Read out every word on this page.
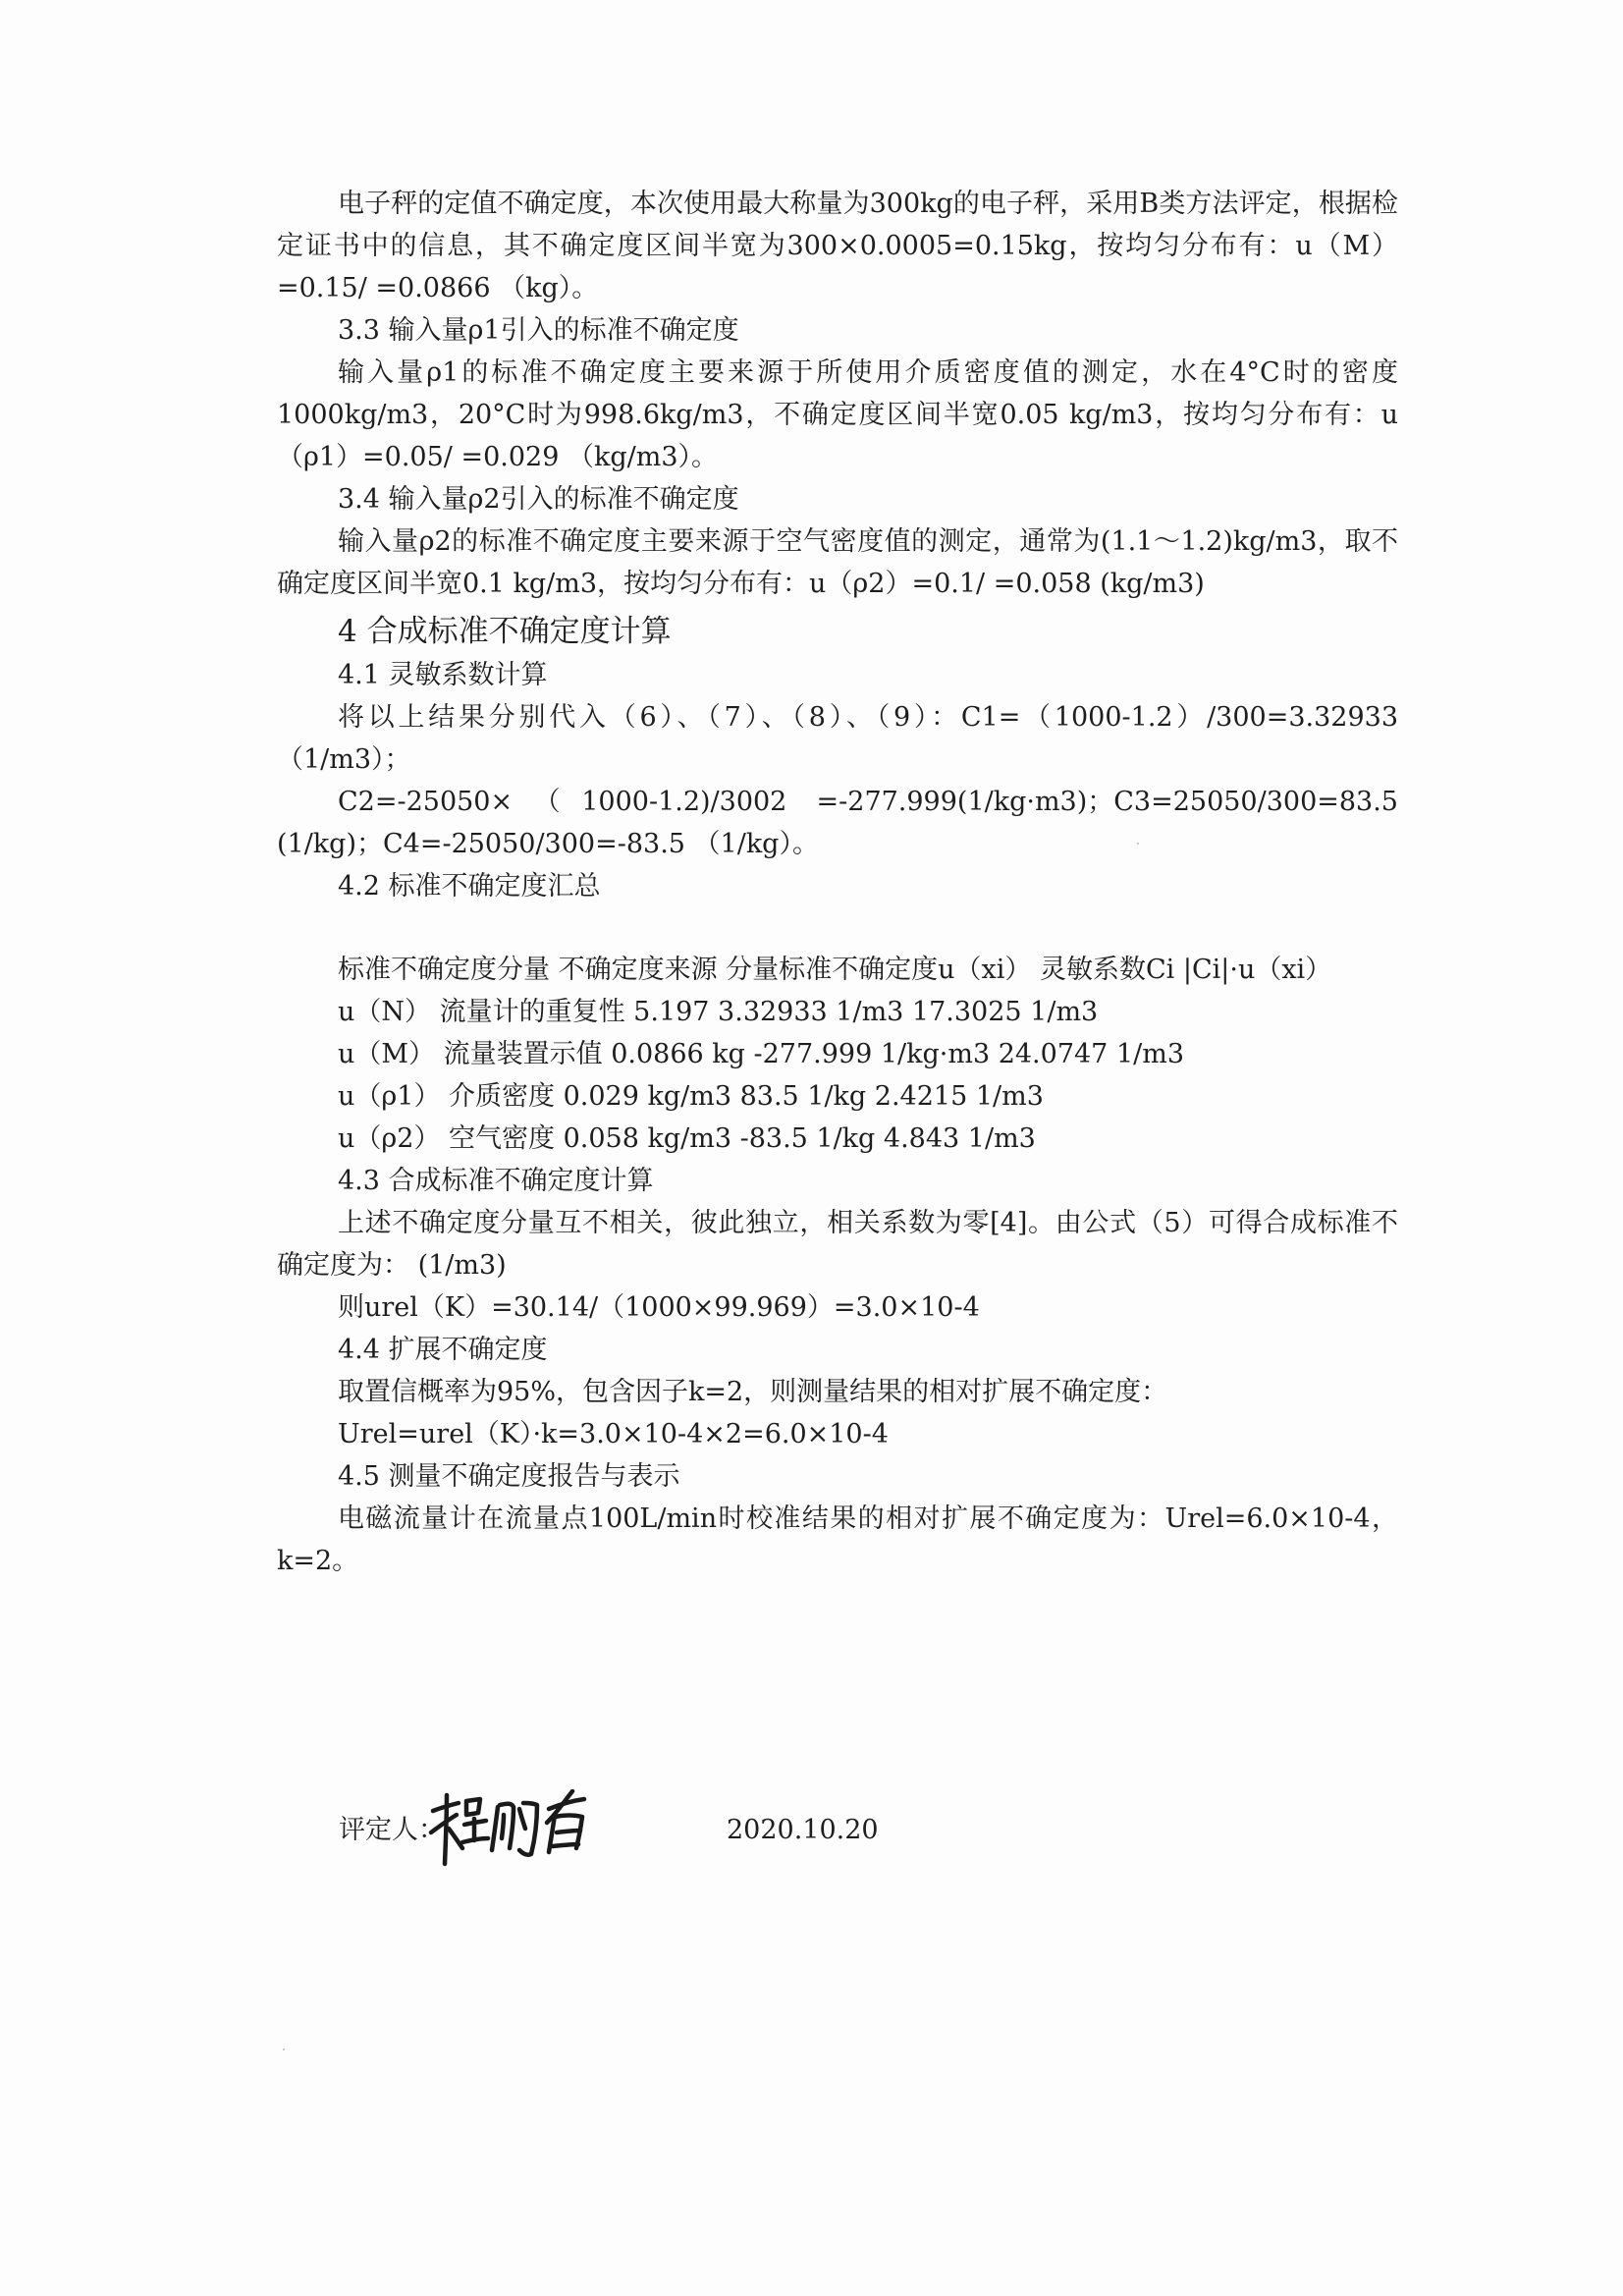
电子秤的定值不确定度，本次使用最大称量为300kg的电子秤，采用B类方法评定，根据检定证书中的信息，其不确定度区间半宽为300×0.0005=0.15kg，按均匀分布有：u（M）=0.15/ =0.0866 （kg）。

3.3 输入量ρ1引入的标准不确定度

输入量ρ1的标准不确定度主要来源于所使用介质密度值的测定，水在4°C时的密度1000kg/m3，20°C时为998.6kg/m3，不确定度区间半宽0.05 kg/m3，按均匀分布有：u（ρ1）=0.05/ =0.029 （kg/m3）。

3.4 输入量ρ2引入的标准不确定度

输入量ρ2的标准不确定度主要来源于空气密度值的测定，通常为(1.1～1.2)kg/m3，取不确定度区间半宽0.1 kg/m3，按均匀分布有：u（ρ2）=0.1/ =0.058 (kg/m3)

4 合成标准不确定度计算

4.1 灵敏系数计算

将以上结果分别代入（6）、（7）、（8）、（9）：C1=（1000-1.2）/300=3.32933（1/m3）；

C2=-25050×（1000-1.2)/3002 =-277.999(1/kg·m3)；C3=25050/300=83.5 (1/kg)；C4=-25050/300=-83.5 （1/kg）。

4.2 标准不确定度汇总

标准不确定度分量 不确定度来源 分量标准不确定度u（xi） 灵敏系数Ci |Ci|·u（xi）

u（N） 流量计的重复性 5.197 3.32933 1/m3 17.3025 1/m3

u（M） 流量装置示值 0.0866 kg -277.999 1/kg·m3 24.0747 1/m3

u（ρ1） 介质密度 0.029 kg/m3 83.5 1/kg 2.4215 1/m3

u（ρ2） 空气密度 0.058 kg/m3 -83.5 1/kg 4.843 1/m3

4.3 合成标准不确定度计算

上述不确定度分量互不相关，彼此独立，相关系数为零[4]。由公式（5）可得合成标准不确定度为： (1/m3)

则urel（K）=30.14/（1000×99.969）=3.0×10-4

4.4 扩展不确定度

取置信概率为95%，包含因子k=2，则测量结果的相对扩展不确定度：

Urel=urel（K）·k=3.0×10-4×2=6.0×10-4

4.5 测量不确定度报告与表示

电磁流量计在流量点100L/min时校准结果的相对扩展不确定度为：Urel=6.0×10-4，k=2。

评定人：	2020.10.20
